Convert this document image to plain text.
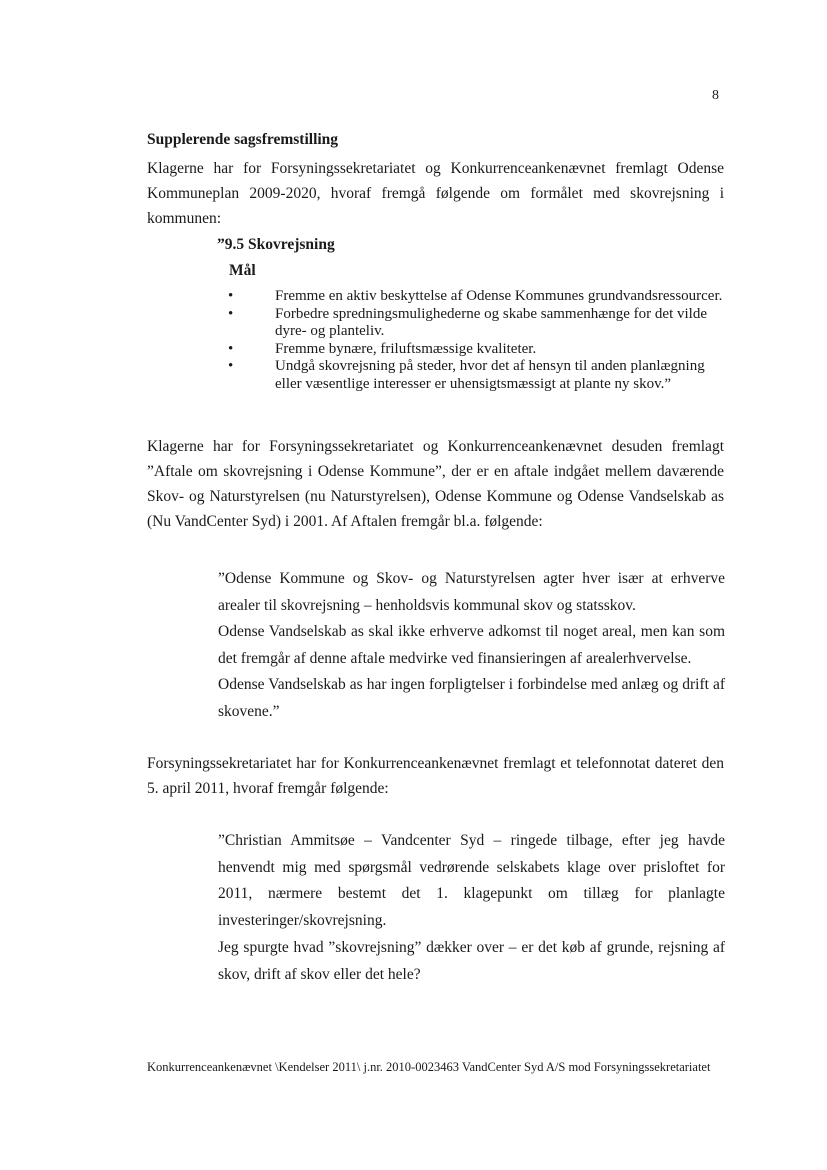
8

Supplerende sagsfremstilling

Klagerne har for Forsyningssekretariatet og Konkurrenceankenævnet fremlagt Odense Kommuneplan 2009-2020, hvoraf fremgå følgende om formålet med skovrejsning i kommunen:

”9.5 Skovrejsning

Mål

•	Fremme en aktiv beskyttelse af Odense Kommunes grundvandsressourcer.
•	Forbedre spredningsmulighederne og skabe sammenhænge for det vilde dyre- og planteliv.
•	Fremme bynære, friluftsmæssige kvaliteter.
•	Undgå skovrejsning på steder, hvor det af hensyn til anden planlægning eller væsentlige interesser er uhensigtsmæssigt at plante ny skov.”

Klagerne har for Forsyningssekretariatet og Konkurrenceankenævnet desuden fremlagt ”Aftale om skovrejsning i Odense Kommune”, der er en aftale indgået mellem daværende Skov- og Naturstyrelsen (nu Naturstyrelsen), Odense Kommune og Odense Vandselskab as (Nu VandCenter Syd) i 2001. Af Aftalen fremgår bl.a. følgende:

”Odense Kommune og Skov- og Naturstyrelsen agter hver især at erhverve arealer til skovrejsning – henholdsvis kommunal skov og statsskov.
Odense Vandselskab as skal ikke erhverve adkomst til noget areal, men kan som det fremgår af denne aftale medvirke ved finansieringen af arealerhvervelse.
Odense Vandselskab as har ingen forpligtelser i forbindelse med anlæg og drift af skovene.”

Forsyningssekretariatet har for Konkurrenceankenævnet fremlagt et telefonnotat dateret den 5. april 2011, hvoraf fremgår følgende:

”Christian Ammitsøe – Vandcenter Syd – ringede tilbage, efter jeg havde henvendt mig med spørgsmål vedrørende selskabets klage over prisloftet for 2011, nærmere bestemt det 1. klagepunkt om tillæg for planlagte investeringer/skovrejsning.

Jeg spurgte hvad ”skovrejsning” dækker over – er det køb af grunde, rejsning af skov, drift af skov eller det hele?

Konkurrenceankenævnet \Kendelser 2011\ j.nr. 2010-0023463 VandCenter Syd A/S mod Forsyningssekretariatet
